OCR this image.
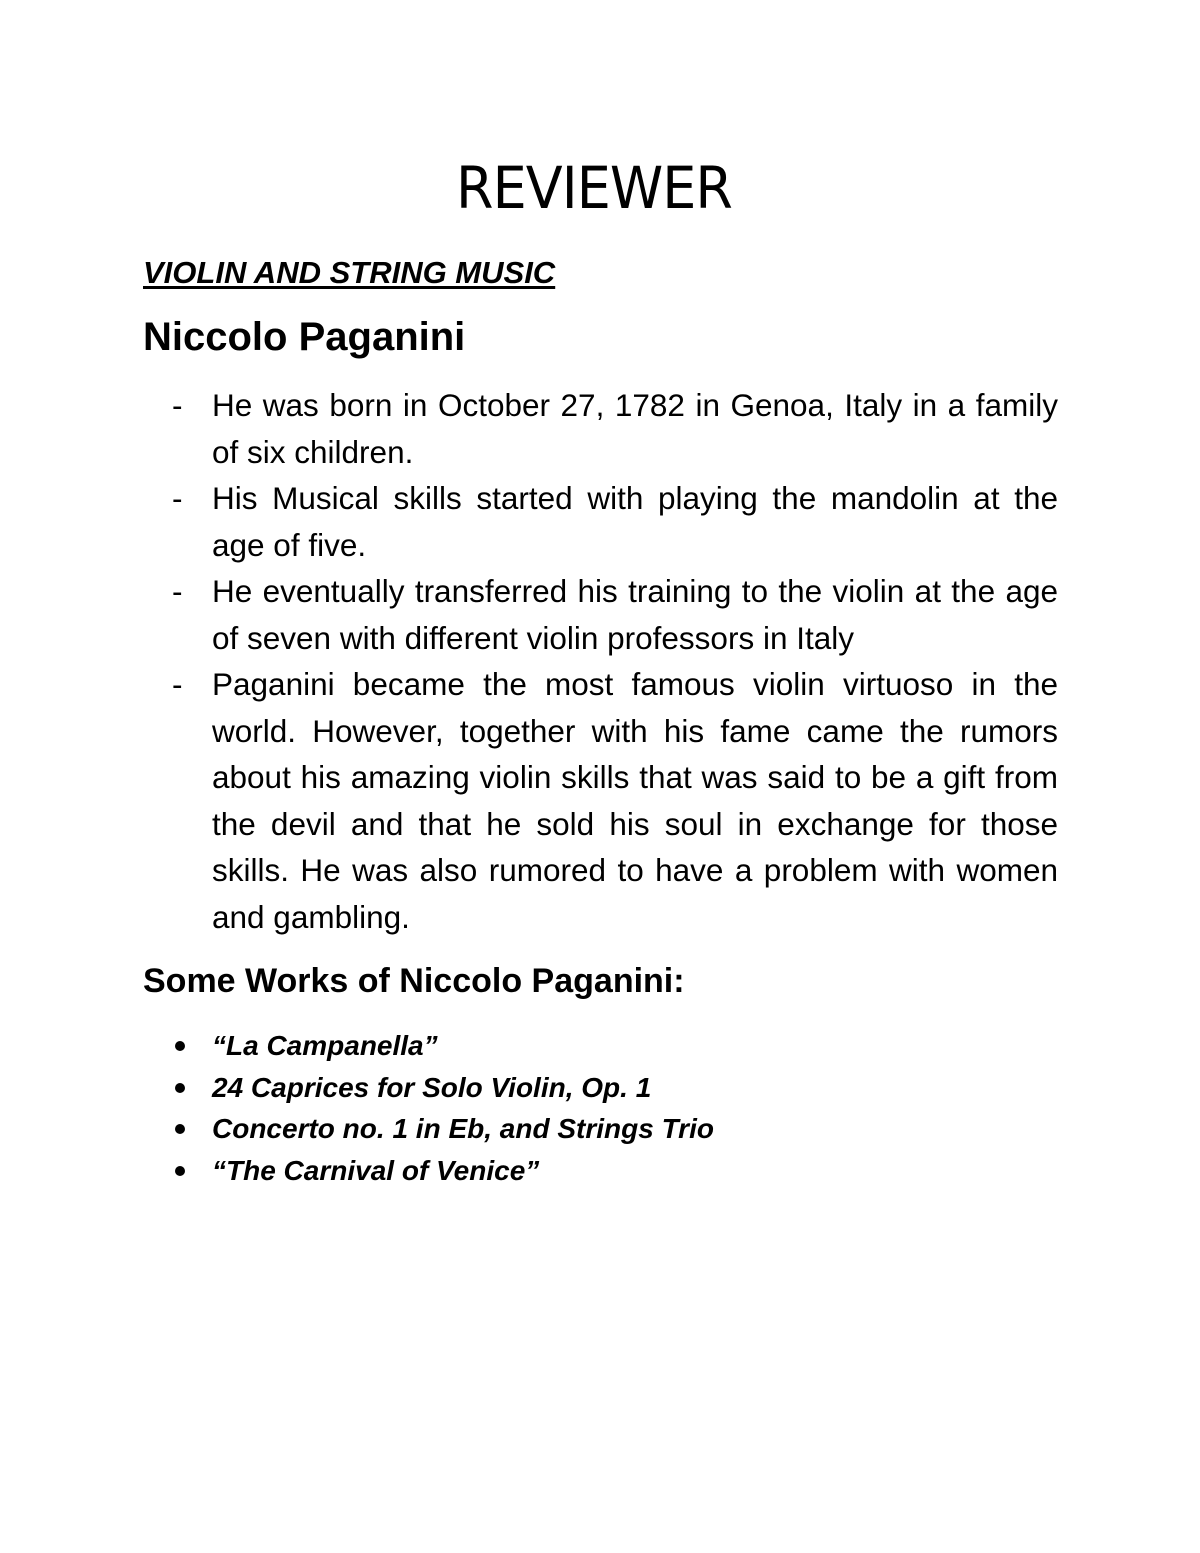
REVIEWER
VIOLIN AND STRING MUSIC
Niccolo Paganini
- He was born in October 27, 1782 in Genoa, Italy in a family of six children.
- His Musical skills started with playing the mandolin at the age of five.
- He eventually transferred his training to the violin at the age of seven with different violin professors in Italy
- Paganini became the most famous violin virtuoso in the world. However, together with his fame came the rumors about his amazing violin skills that was said to be a gift from the devil and that he sold his soul in exchange for those skills. He was also rumored to have a problem with women and gambling.
Some Works of Niccolo Paganini:
“La Campanella”
24 Caprices for Solo Violin, Op. 1
Concerto no. 1 in Eb, and Strings Trio
“The Carnival of Venice”
